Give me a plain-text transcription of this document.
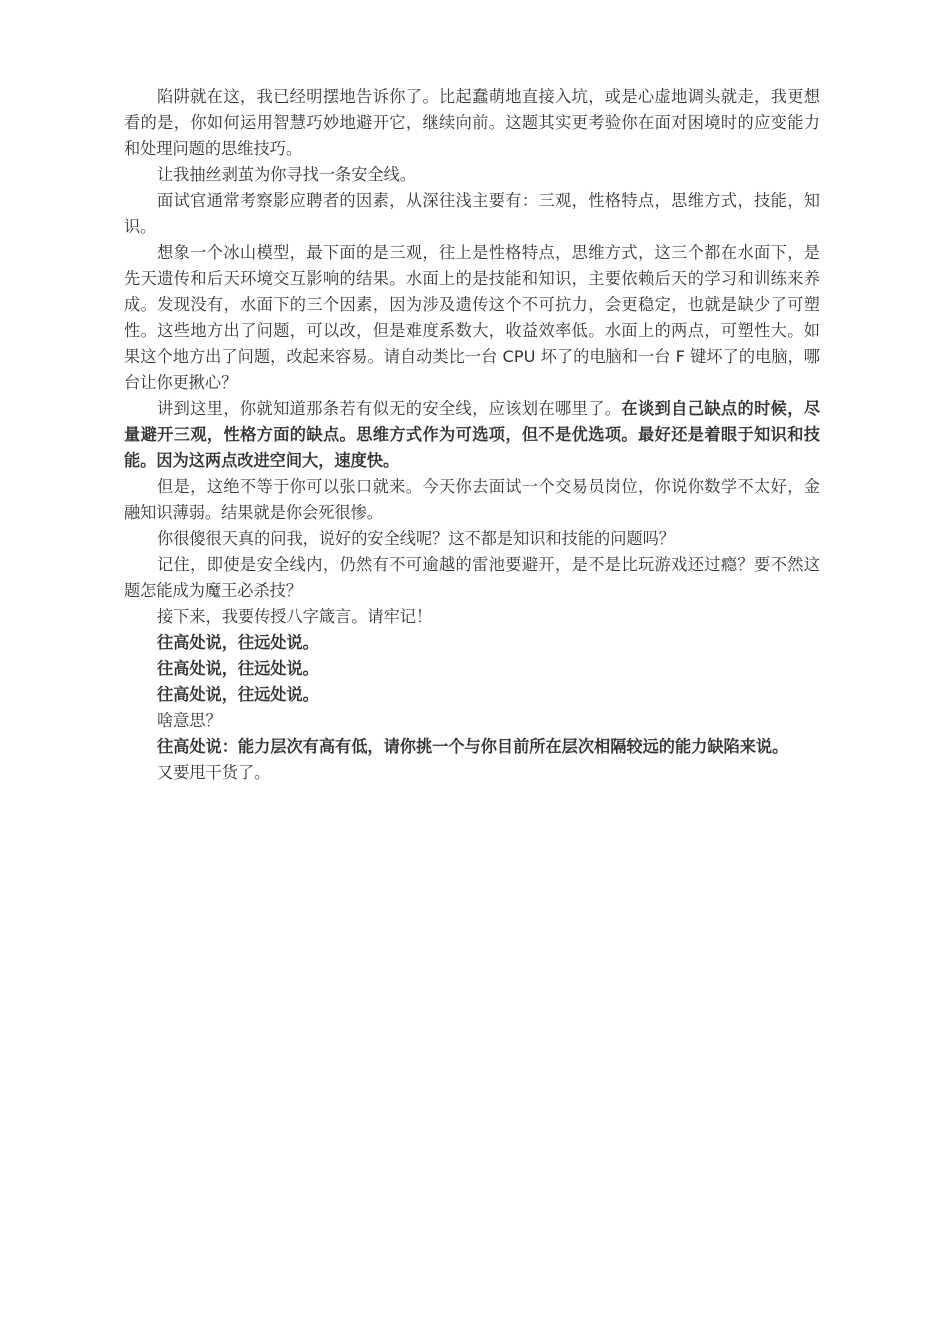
陷阱就在这，我已经明摆地告诉你了。比起蠢萌地直接入坑，或是心虚地调头就走，我更想看的是，你如何运用智慧巧妙地避开它，继续向前。这题其实更考验你在面对困境时的应变能力和处理问题的思维技巧。

让我抽丝剥茧为你寻找一条安全线。

面试官通常考察影应聘者的因素，从深往浅主要有：三观，性格特点，思维方式，技能，知识。

想象一个冰山模型，最下面的是三观，往上是性格特点，思维方式，这三个都在水面下，是先天遗传和后天环境交互影响的结果。水面上的是技能和知识，主要依赖后天的学习和训练来养成。发现没有，水面下的三个因素，因为涉及遗传这个不可抗力，会更稳定，也就是缺少了可塑性。这些地方出了问题，可以改，但是难度系数大，收益效率低。水面上的两点，可塑性大。如果这个地方出了问题，改起来容易。请自动类比一台 CPU 坏了的电脑和一台 F 键坏了的电脑，哪台让你更揪心？

讲到这里，你就知道那条若有似无的安全线，应该划在哪里了。在谈到自己缺点的时候，尽量避开三观，性格方面的缺点。思维方式作为可选项，但不是优选项。最好还是着眼于知识和技能。因为这两点改进空间大，速度快。

但是，这绝不等于你可以张口就来。今天你去面试一个交易员岗位，你说你数学不太好，金融知识薄弱。结果就是你会死很惨。

你很傻很天真的问我，说好的安全线呢？这不都是知识和技能的问题吗？

记住，即使是安全线内，仍然有不可逾越的雷池要避开，是不是比玩游戏还过瘾？要不然这题怎能成为魔王必杀技？

接下来，我要传授八字箴言。请牢记！

往高处说，往远处说。

往高处说，往远处说。

往高处说，往远处说。

啥意思？

往高处说：能力层次有高有低，请你挑一个与你目前所在层次相隔较远的能力缺陷来说。

又要甩干货了。
